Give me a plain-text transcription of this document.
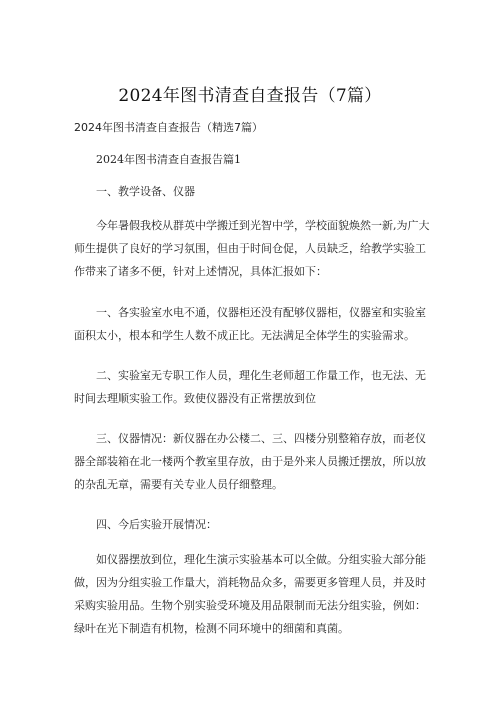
2024年图书清查自查报告（7篇）
2024年图书清查自查报告（精选7篇）
2024年图书清查自查报告篇1
一、教学设备、仪器
今年暑假我校从群英中学搬迁到光智中学，学校面貌焕然一新,为广大
师生提供了良好的学习氛围，但由于时间仓促，人员缺乏，给教学实验工
作带来了诸多不便，针对上述情况，具体汇报如下：
一、各实验室水电不通，仪器柜还没有配够仪器柜，仪器室和实验室
面积太小，根本和学生人数不成正比。无法满足全体学生的实验需求。
二、实验室无专职工作人员，理化生老师超工作量工作，也无法、无
时间去理顺实验工作。致使仪器没有正常摆放到位
三、仪器情况：新仪器在办公楼二、三、四楼分别整箱存放，而老仪
器全部装箱在北一楼两个教室里存放，由于是外来人员搬迁摆放，所以放
的杂乱无章，需要有关专业人员仔细整理。
四、今后实验开展情况：
如仪器摆放到位，理化生演示实验基本可以全做。分组实验大部分能
做，因为分组实验工作量大，消耗物品众多，需要更多管理人员，并及时
采购实验用品。生物个别实验受环境及用品限制而无法分组实验，例如：
绿叶在光下制造有机物，检测不同环境中的细菌和真菌。
